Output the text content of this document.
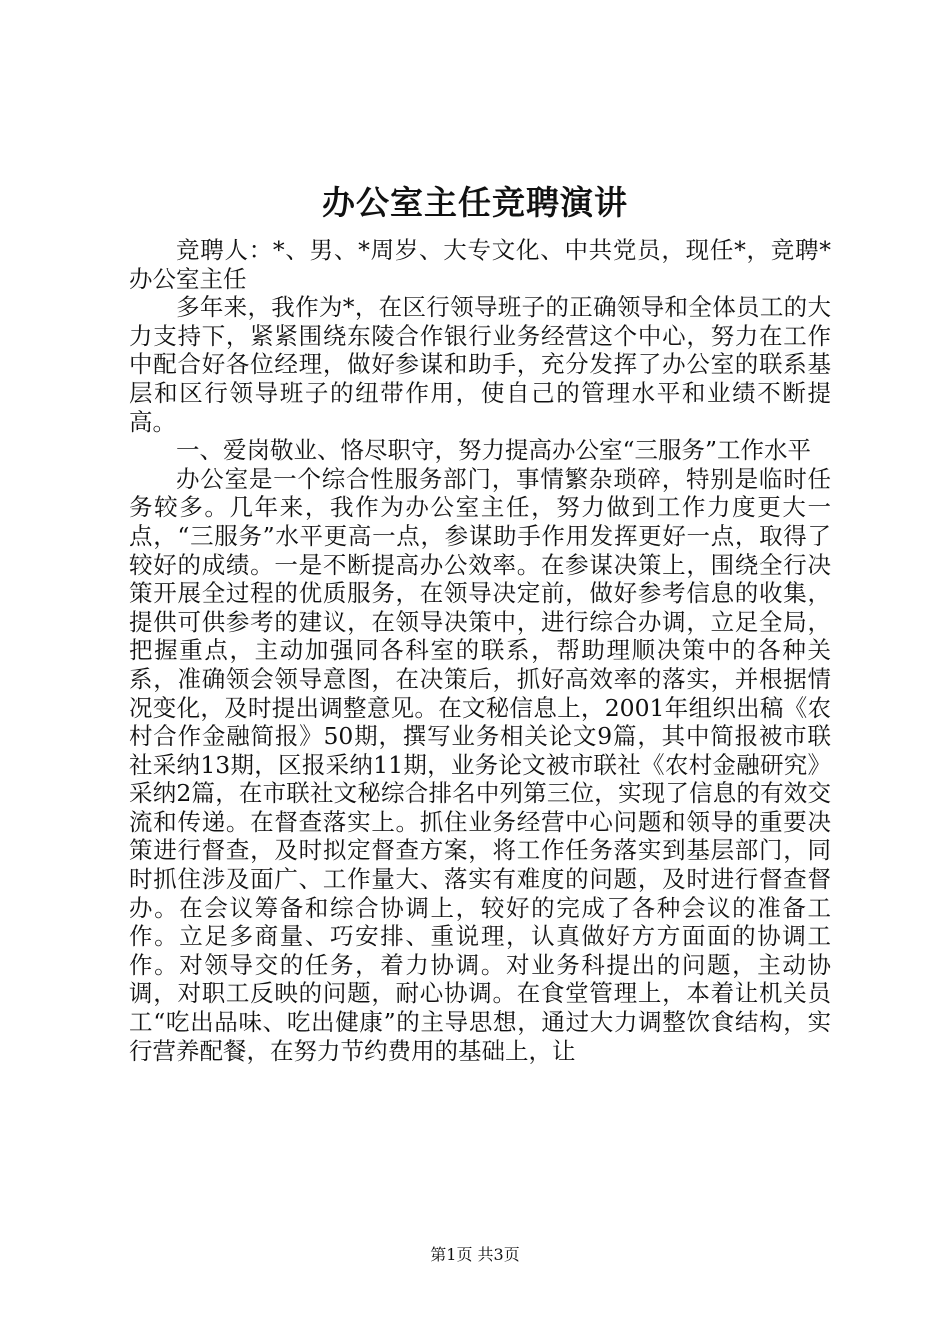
办公室主任竞聘演讲

竞聘人：*、男、*周岁、大专文化、中共党员，现任*，竞聘*办公室主任

多年来，我作为*，在区行领导班子的正确领导和全体员工的大力支持下，紧紧围绕东陵合作银行业务经营这个中心，努力在工作中配合好各位经理，做好参谋和助手，充分发挥了办公室的联系基层和区行领导班子的纽带作用，使自己的管理水平和业绩不断提高。

一、爱岗敬业、恪尽职守，努力提高办公室“三服务”工作水平

办公室是一个综合性服务部门，事情繁杂琐碎，特别是临时任务较多。几年来，我作为办公室主任，努力做到工作力度更大一点，“三服务”水平更高一点，参谋助手作用发挥更好一点，取得了较好的成绩。一是不断提高办公效率。在参谋决策上，围绕全行决策开展全过程的优质服务，在领导决定前，做好参考信息的收集，提供可供参考的建议，在领导决策中，进行综合办调，立足全局，把握重点，主动加强同各科室的联系，帮助理顺决策中的各种关系，准确领会领导意图，在决策后，抓好高效率的落实，并根据情况变化，及时提出调整意见。在文秘信息上，2001年组织出稿《农村合作金融简报》50期，撰写业务相关论文9篇，其中简报被市联社采纳13期，区报采纳11期，业务论文被市联社《农村金融研究》采纳2篇，在市联社文秘综合排名中列第三位，实现了信息的有效交流和传递。在督查落实上。抓住业务经营中心问题和领导的重要决策进行督查，及时拟定督查方案，将工作任务落实到基层部门，同时抓住涉及面广、工作量大、落实有难度的问题，及时进行督查督办。在会议筹备和综合协调上，较好的完成了各种会议的准备工作。立足多商量、巧安排、重说理，认真做好方方面面的协调工作。对领导交的任务，着力协调。对业务科提出的问题，主动协调，对职工反映的问题，耐心协调。在食堂管理上，本着让机关员工“吃出品味、吃出健康”的主导思想，通过大力调整饮食结构，实行营养配餐，在努力节约费用的基础上，让

第1页 共3页
